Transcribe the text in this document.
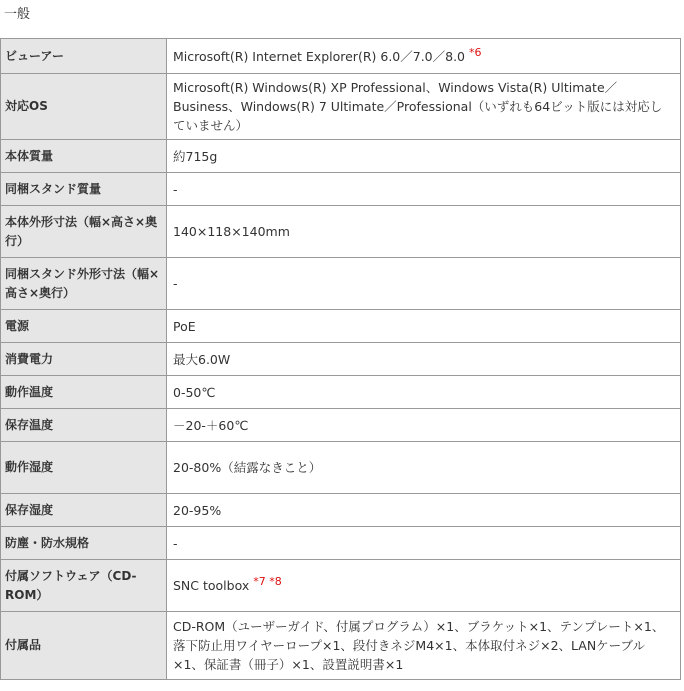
一般
ビューアー	Microsoft(R) Internet Explorer(R) 6.0／7.0／8.0 *6
対応OS	Microsoft(R) Windows(R) XP Professional、Windows Vista(R) Ultimate／Business、Windows(R) 7 Ultimate／Professional（いずれも64ビット版には対応していません）
本体質量	約715g
同梱スタンド質量	-
本体外形寸法（幅×高さ×奥行）	140×118×140mm
同梱スタンド外形寸法（幅×高さ×奥行）	-
電源	PoE
消費電力	最大6.0W
動作温度	0-50℃
保存温度	－20-＋60℃
動作湿度	20-80%（結露なきこと）
保存湿度	20-95%
防塵・防水規格	-
付属ソフトウェア（CD-ROM）	SNC toolbox *7 *8
付属品	CD-ROM（ユーザーガイド、付属プログラム）×1、ブラケット×1、テンプレート×1、落下防止用ワイヤーロープ×1、段付きネジM4×1、本体取付ネジ×2、LANケーブル×1、保証書（冊子）×1、設置説明書×1
